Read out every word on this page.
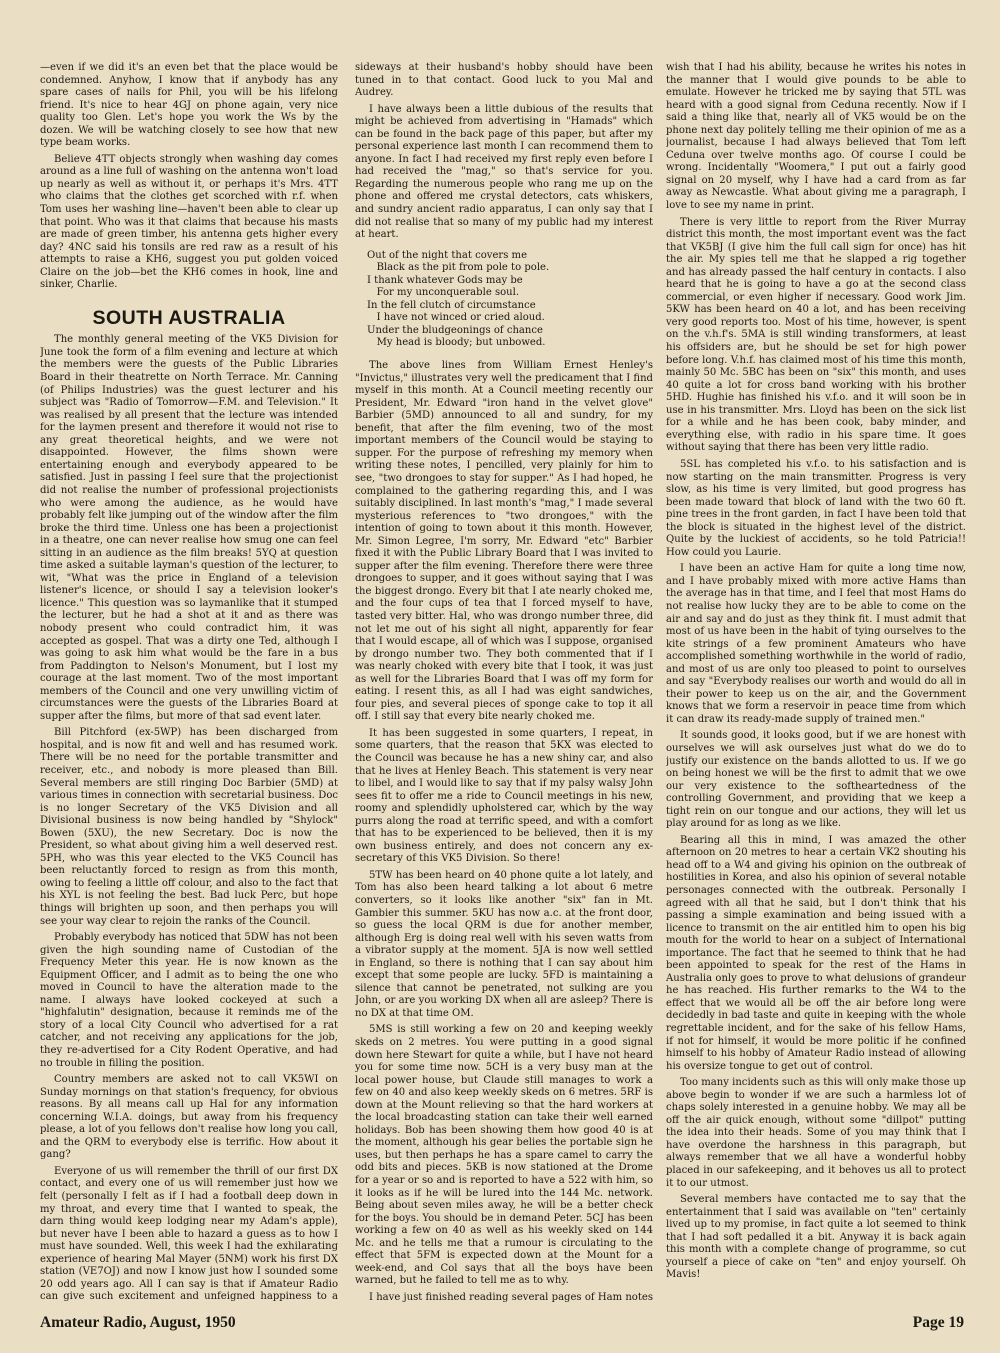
—even if we did it's an even bet that the place would be condemned. Anyhow, I know that if anybody has any spare cases of nails for Phil, you will be his lifelong friend. It's nice to hear 4GJ on phone again, very nice quality too Glen. Let's hope you work the Ws by the dozen. We will be watching closely to see how that new type beam works.

Believe 4TT objects strongly when washing day comes around as a line full of washing on the antenna won't load up nearly as well as without it, or perhaps it's Mrs. 4TT who claims that the clothes get scorched with r.f. when Tom uses her washing line—haven't been able to clear up that point. Who was it that claims that because his masts are made of green timber, his antenna gets higher every day? 4NC said his tonsils are red raw as a result of his attempts to raise a KH6, suggest you put golden voiced Claire on the job—bet the KH6 comes in hook, line and sinker, Charlie.

SOUTH AUSTRALIA

The monthly general meeting of the VK5 Division for June took the form of a film evening and lecture at which the members were the guests of the Public Libraries Board in their theatrette on North Terrace. Mr. Canning (of Philips Industries) was the guest lecturer and his subject was "Radio of Tomorrow—F.M. and Television." It was realised by all present that the lecture was intended for the laymen present and therefore it would not rise to any great theoretical heights, and we were not disappointed. However, the films shown were entertaining enough and everybody appeared to be satisfied. Just in passing I feel sure that the projectionist did not realise the number of professional projectionists who were among the audience, as he would have probably felt like jumping out of the window after the film broke the third time. Unless one has been a projectionist in a theatre, one can never realise how smug one can feel sitting in an audience as the film breaks! 5YQ at question time asked a suitable layman's question of the lecturer, to wit, "What was the price in England of a television listener's licence, or should I say a television looker's licence." This question was so laymanlike that it stumped the lecturer, but he had a shot at it and as there was nobody present who could contradict him, it was accepted as gospel. That was a dirty one Ted, although I was going to ask him what would be the fare in a bus from Paddington to Nelson's Monument, but I lost my courage at the last moment. Two of the most important members of the Council and one very unwilling victim of circumstances were the guests of the Libraries Board at supper after the films, but more of that sad event later.

Bill Pitchford (ex-5WP) has been discharged from hospital, and is now fit and well and has resumed work. There will be no need for the portable transmitter and receiver, etc., and nobody is more pleased than Bill. Several members are still ringing Doc Barbier (5MD) at various times in connection with secretarial business. Doc is no longer Secretary of the VK5 Division and all Divisional business is now being handled by "Shylock" Bowen (5XU), the new Secretary. Doc is now the President, so what about giving him a well deserved rest. 5PH, who was this year elected to the VK5 Council has been reluctantly forced to resign as from this month, owing to feeling a little off colour, and also to the fact that his XYL is not feeling the best. Bad luck Perc, but hope things will brighten up soon, and then perhaps you will see your way clear to rejoin the ranks of the Council.

Probably everybody has noticed that 5DW has not been given the high sounding name of Custodian of the Frequency Meter this year. He is now known as the Equipment Officer, and I admit as to being the one who moved in Council to have the alteration made to the name. I always have looked cockeyed at such a "highfalutin" designation, because it reminds me of the story of a local City Council who advertised for a rat catcher, and not receiving any applications for the job, they re-advertised for a City Rodent Operative, and had no trouble in filling the position.

Country members are asked not to call VK5WI on Sunday mornings on that station's frequency, for obvious reasons. By all means call up Hal for any information concerning W.I.A. doings, but away from his frequency please, a lot of you fellows don't realise how long you call, and the QRM to everybody else is terrific. How about it gang?

Everyone of us will remember the thrill of our first DX contact, and every one of us will remember just how we felt (personally I felt as if I had a football deep down in my throat, and every time that I wanted to speak, the darn thing would keep lodging near my Adam's apple), but never have I been able to hazard a guess as to how I must have sounded. Well, this week I had the exhilarating experience of hearing Mal Mayer (5NM) work his first DX station (VE7OJ) and now I know just how I sounded some 20 odd years ago. All I can say is that if Amateur Radio can give such excitement and unfeigned happiness to a

sideways at their husband's hobby should have been tuned in to that contact. Good luck to you Mal and Audrey.

I have always been a little dubious of the results that might be achieved from advertising in "Hamads" which can be found in the back page of this paper, but after my personal experience last month I can recommend them to anyone. In fact I had received my first reply even before I had received the "mag," so that's service for you. Regarding the numerous people who rang me up on the phone and offered me crystal detectors, cats whiskers, and sundry ancient radio apparatus, I can only say that I did not realise that so many of my public had my interest at heart.

Out of the night that covers me
Black as the pit from pole to pole.
I thank whatever Gods may be
For my unconquerable soul.
In the fell clutch of circumstance
I have not winced or cried aloud.
Under the bludgeonings of chance
My head is bloody; but unbowed.

The above lines from William Ernest Henley's "Invictus," illustrates very well the predicament that I find myself in this month. At a Council meeting recently our President, Mr. Edward "iron hand in the velvet glove" Barbier (5MD) announced to all and sundry, for my benefit, that after the film evening, two of the most important members of the Council would be staying to supper. For the purpose of refreshing my memory when writing these notes, I pencilled, very plainly for him to see, "two drongoes to stay for supper." As I had hoped, he complained to the gathering regarding this, and I was suitably disciplined. In last month's "mag," I made several mysterious references to "two drongoes," with the intention of going to town about it this month. However, Mr. Simon Legree, I'm sorry, Mr. Edward "etc" Barbier fixed it with the Public Library Board that I was invited to supper after the film evening. Therefore there were three drongoes to supper, and it goes without saying that I was the biggest drongo. Every bit that I ate nearly choked me, and the four cups of tea that I forced myself to have, tasted very bitter. Hal, who was drongo number three, did not let me out of his sight all night, apparently for fear that I would escape, all of which was I suppose, organised by drongo number two. They both commented that if I was nearly choked with every bite that I took, it was just as well for the Libraries Board that I was off my form for eating. I resent this, as all I had was eight sandwiches, four pies, and several pieces of sponge cake to top it all off. I still say that every bite nearly choked me.

It has been suggested in some quarters, I repeat, in some quarters, that the reason that 5KX was elected to the Council was because he has a new shiny car, and also that he lives at Henley Beach. This statement is very near to libel, and I would like to say that if my palsy walsy John sees fit to offer me a ride to Council meetings in his new, roomy and splendidly upholstered car, which by the way purrs along the road at terrific speed, and with a comfort that has to be experienced to be believed, then it is my own business entirely, and does not concern any ex-secretary of this VK5 Division. So there!

5TW has been heard on 40 phone quite a lot lately, and Tom has also been heard talking a lot about 6 metre converters, so it looks like another "six" fan in Mt. Gambier this summer. 5KU has now a.c. at the front door, so guess the local QRM is due for another member, although Erg is doing real well with his seven watts from a vibrator supply at the moment. 5JA is now well settled in England, so there is nothing that I can say about him except that some people are lucky. 5FD is maintaining a silence that cannot be penetrated, not sulking are you John, or are you working DX when all are asleep? There is no DX at that time OM.

5MS is still working a few on 20 and keeping weekly skeds on 2 metres. You were putting in a good signal down here Stewart for quite a while, but I have not heard you for some time now. 5CH is a very busy man at the local power house, but Claude still manages to work a few on 40 and also keep weekly skeds on 6 metres. 5RF is down at the Mount relieving so that the hard workers at the local broadcasting station can take their well earned holidays. Bob has been showing them how good 40 is at the moment, although his gear belies the portable sign he uses, but then perhaps he has a spare camel to carry the odd bits and pieces. 5KB is now stationed at the Drome for a year or so and is reported to have a 522 with him, so it looks as if he will be lured into the 144 Mc. network. Being about seven miles away, he will be a better check for the boys. You should be in demand Peter. 5CJ has been working a few on 40 as well as his weekly sked on 144 Mc. and he tells me that a rumour is circulating to the effect that 5FM is expected down at the Mount for a week-end, and Col says that all the boys have been warned, but he failed to tell me as to why.

I have just finished reading several pages of Ham notes

wish that I had his ability, because he writes his notes in the manner that I would give pounds to be able to emulate. However he tricked me by saying that 5TL was heard with a good signal from Ceduna recently. Now if I said a thing like that, nearly all of VK5 would be on the phone next day politely telling me their opinion of me as a journalist, because I had always believed that Tom left Ceduna over twelve months ago. Of course I could be wrong. Incidentally "Woomera," I put out a fairly good signal on 20 myself, why I have had a card from as far away as Newcastle. What about giving me a paragraph, I love to see my name in print.

There is very little to report from the River Murray district this month, the most important event was the fact that VK5BJ (I give him the full call sign for once) has hit the air. My spies tell me that he slapped a rig together and has already passed the half century in contacts. I also heard that he is going to have a go at the second class commercial, or even higher if necessary. Good work Jim. 5KW has been heard on 40 a lot, and has been receiving very good reports too. Most of his time, however, is spent on the v.h.f's. 5MA is still winding transformers, at least his offsiders are, but he should be set for high power before long. V.h.f. has claimed most of his time this month, mainly 50 Mc. 5BC has been on "six" this month, and uses 40 quite a lot for cross band working with his brother 5HD. Hughie has finished his v.f.o. and it will soon be in use in his transmitter. Mrs. Lloyd has been on the sick list for a while and he has been cook, baby minder, and everything else, with radio in his spare time. It goes without saying that there has been very little radio.

5SL has completed his v.f.o. to his satisfaction and is now starting on the main transmitter. Progress is very slow, as his time is very limited, but good progress has been made toward that block of land with the two 60 ft. pine trees in the front garden, in fact I have been told that the block is situated in the highest level of the district. Quite by the luckiest of accidents, so he told Patricia!! How could you Laurie.

I have been an active Ham for quite a long time now, and I have probably mixed with more active Hams than the average has in that time, and I feel that most Hams do not realise how lucky they are to be able to come on the air and say and do just as they think fit. I must admit that most of us have been in the habit of tying ourselves to the kite strings of a few prominent Amateurs who have accomplished something worthwhile in the world of radio, and most of us are only too pleased to point to ourselves and say "Everybody realises our worth and would do all in their power to keep us on the air, and the Government knows that we form a reservoir in peace time from which it can draw its ready-made supply of trained men."

It sounds good, it looks good, but if we are honest with ourselves we will ask ourselves just what do we do to justify our existence on the bands allotted to us. If we go on being honest we will be the first to admit that we owe our very existence to the softheartedness of the controlling Government, and providing that we keep a tight rein on our tongue and our actions, they will let us play around for as long as we like.

Bearing all this in mind, I was amazed the other afternoon on 20 metres to hear a certain VK2 shouting his head off to a W4 and giving his opinion on the outbreak of hostilities in Korea, and also his opinion of several notable personages connected with the outbreak. Personally I agreed with all that he said, but I don't think that his passing a simple examination and being issued with a licence to transmit on the air entitled him to open his big mouth for the world to hear on a subject of International importance. The fact that he seemed to think that he had been appointed to speak for the rest of the Hams in Australia only goes to prove to what delusions of grandeur he has reached. His further remarks to the W4 to the effect that we would all be off the air before long were decidedly in bad taste and quite in keeping with the whole regrettable incident, and for the sake of his fellow Hams, if not for himself, it would be more politic if he confined himself to his hobby of Amateur Radio instead of allowing his oversize tongue to get out of control.

Too many incidents such as this will only make those up above begin to wonder if we are such a harmless lot of chaps solely interested in a genuine hobby. We may all be off the air quick enough, without some "dillpot" putting the idea into their heads. Some of you may think that I have overdone the harshness in this paragraph, but always remember that we all have a wonderful hobby placed in our safekeeping, and it behoves us all to protect it to our utmost.

Several members have contacted me to say that the entertainment that I said was available on "ten" certainly lived up to my promise, in fact quite a lot seemed to think that I had soft pedalled it a bit. Anyway it is back again this month with a complete change of programme, so cut yourself a piece of cake on "ten" and enjoy yourself. Oh Mavis!

Amateur Radio, August, 1950	Page 19
